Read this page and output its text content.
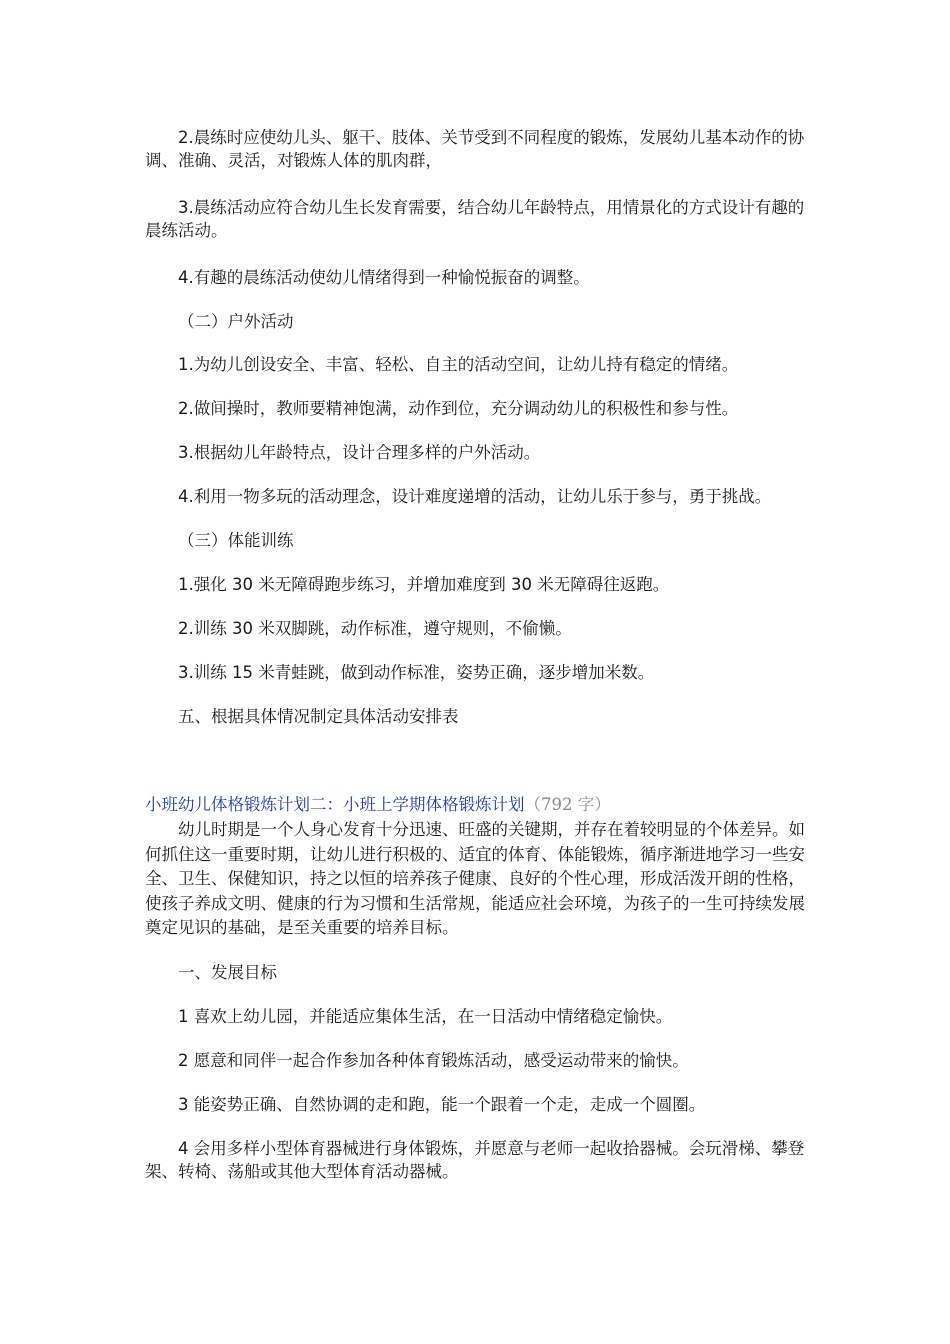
2.晨练时应使幼儿头、躯干、肢体、关节受到不同程度的锻炼，发展幼儿基本动作的协调、准确、灵活，对锻炼人体的肌肉群，

3.晨练活动应符合幼儿生长发育需要，结合幼儿年龄特点，用情景化的方式设计有趣的晨练活动。

4.有趣的晨练活动使幼儿情绪得到一种愉悦振奋的调整。

（二）户外活动

1.为幼儿创设安全、丰富、轻松、自主的活动空间，让幼儿持有稳定的情绪。

2.做间操时，教师要精神饱满，动作到位，充分调动幼儿的积极性和参与性。

3.根据幼儿年龄特点，设计合理多样的户外活动。

4.利用一物多玩的活动理念，设计难度递增的活动，让幼儿乐于参与，勇于挑战。

（三）体能训练

1.强化 30 米无障碍跑步练习，并增加难度到 30 米无障碍往返跑。

2.训练 30 米双脚跳，动作标准，遵守规则，不偷懒。

3.训练 15 米青蛙跳，做到动作标准，姿势正确，逐步增加米数。

五、根据具体情况制定具体活动安排表

小班幼儿体格锻炼计划二：小班上学期体格锻炼计划（792 字）

幼儿时期是一个人身心发育十分迅速、旺盛的关键期，并存在着较明显的个体差异。如何抓住这一重要时期，让幼儿进行积极的、适宜的体育、体能锻炼，循序渐进地学习一些安全、卫生、保健知识，持之以恒的培养孩子健康、良好的个性心理，形成活泼开朗的性格，使孩子养成文明、健康的行为习惯和生活常规，能适应社会环境，为孩子的一生可持续发展奠定见识的基础，是至关重要的培养目标。

一、发展目标

1 喜欢上幼儿园，并能适应集体生活，在一日活动中情绪稳定愉快。

2 愿意和同伴一起合作参加各种体育锻炼活动，感受运动带来的愉快。

3 能姿势正确、自然协调的走和跑，能一个跟着一个走，走成一个圆圈。

4 会用多样小型体育器械进行身体锻炼，并愿意与老师一起收拾器械。会玩滑梯、攀登架、转椅、荡船或其他大型体育活动器械。
